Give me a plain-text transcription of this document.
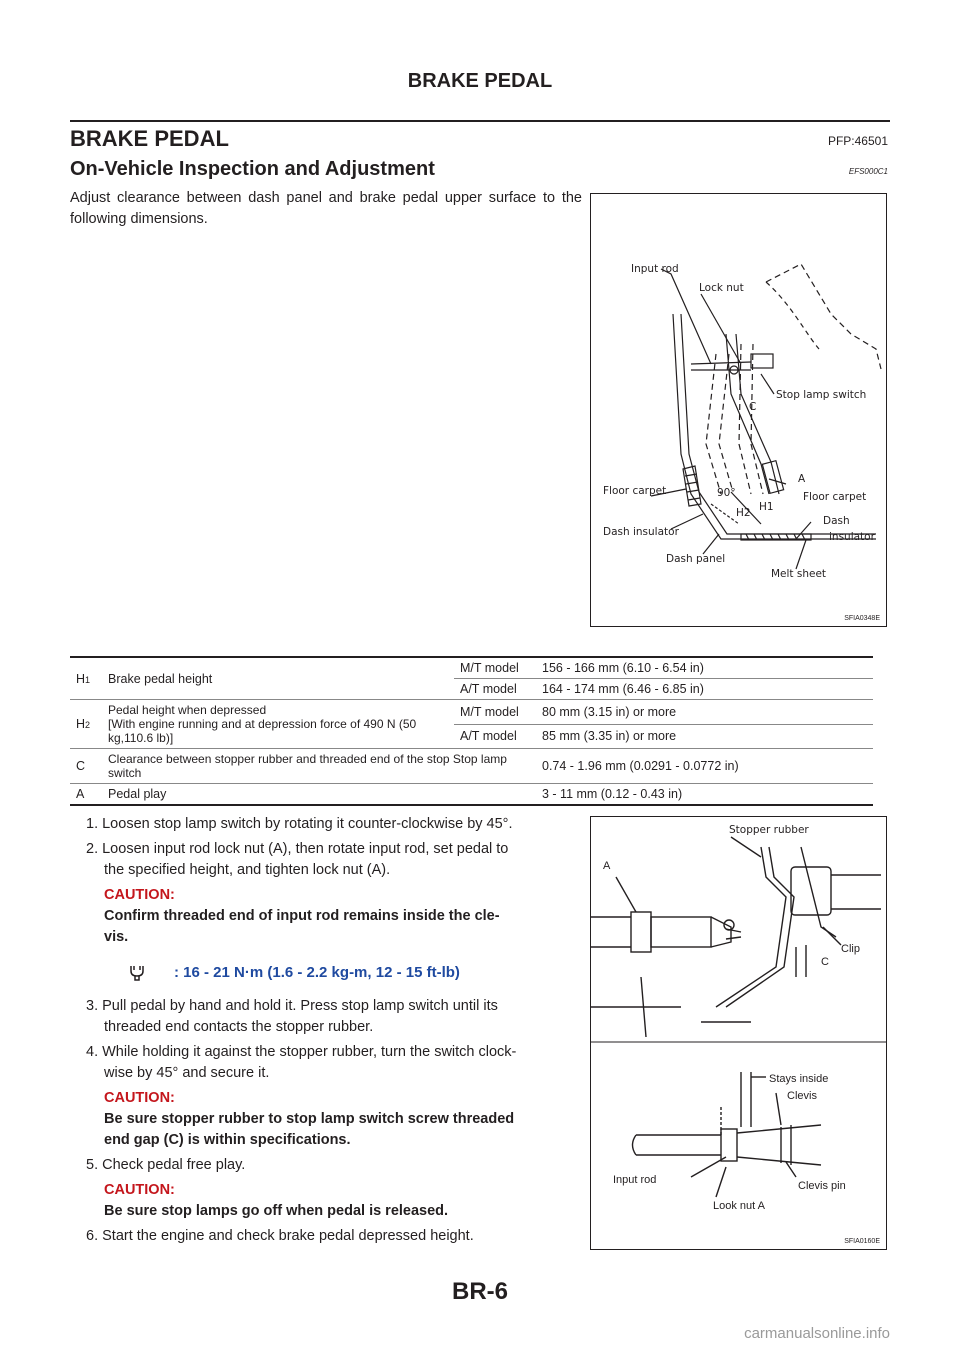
BRAKE PEDAL
BRAKE PEDAL	PFP:46501
On-Vehicle Inspection and Adjustment	EFS000C1
Adjust clearance between dash panel and brake pedal upper surface to the following dimensions.
Input rod
Lock nut
Stop lamp switch
C
A
Floor carpet	Floor carpet
90°
H2 H1
Dash insulator
Dash
insulator
Dash panel
Melt sheet
SFIA0348E
H1	Brake pedal height	M/T model	156 - 166 mm (6.10 - 6.54 in)
		A/T model	164 - 174 mm (6.46 - 6.85 in)
H2	Pedal height when depressed
[With engine running and at depression force of 490 N (50 kg,110.6 lb)]	M/T model	80 mm (3.15 in) or more
		A/T model	85 mm (3.35 in) or more
C	Clearance between stopper rubber and threaded end of the stop Stop lamp switch		0.74 - 1.96 mm (0.0291 - 0.0772 in)
A	Pedal play		3 - 11 mm (0.12 - 0.43 in)
1. Loosen stop lamp switch by rotating it counter-clockwise by 45°.
2. Loosen input rod lock nut (A), then rotate input rod, set pedal to
the specified height, and tighten lock nut (A).
CAUTION:
Confirm threaded end of input rod remains inside the cle-
vis.
: 16 - 21 N·m (1.6 - 2.2 kg-m, 12 - 15 ft-lb)
3. Pull pedal by hand and hold it. Press stop lamp switch until its
threaded end contacts the stopper rubber.
4. While holding it against the stopper rubber, turn the switch clock-
wise by 45° and secure it.
CAUTION:
Be sure stopper rubber to stop lamp switch screw threaded
end gap (C) is within specifications.
5. Check pedal free play.
CAUTION:
Be sure stop lamps go off when pedal is released.
6. Start the engine and check brake pedal depressed height.
Stopper rubber
A
Clip
C
Stays inside
Clevis
Input rod	Clevis pin
Look nut A
SFIA0160E
BR-6
carmanualsonline.info
